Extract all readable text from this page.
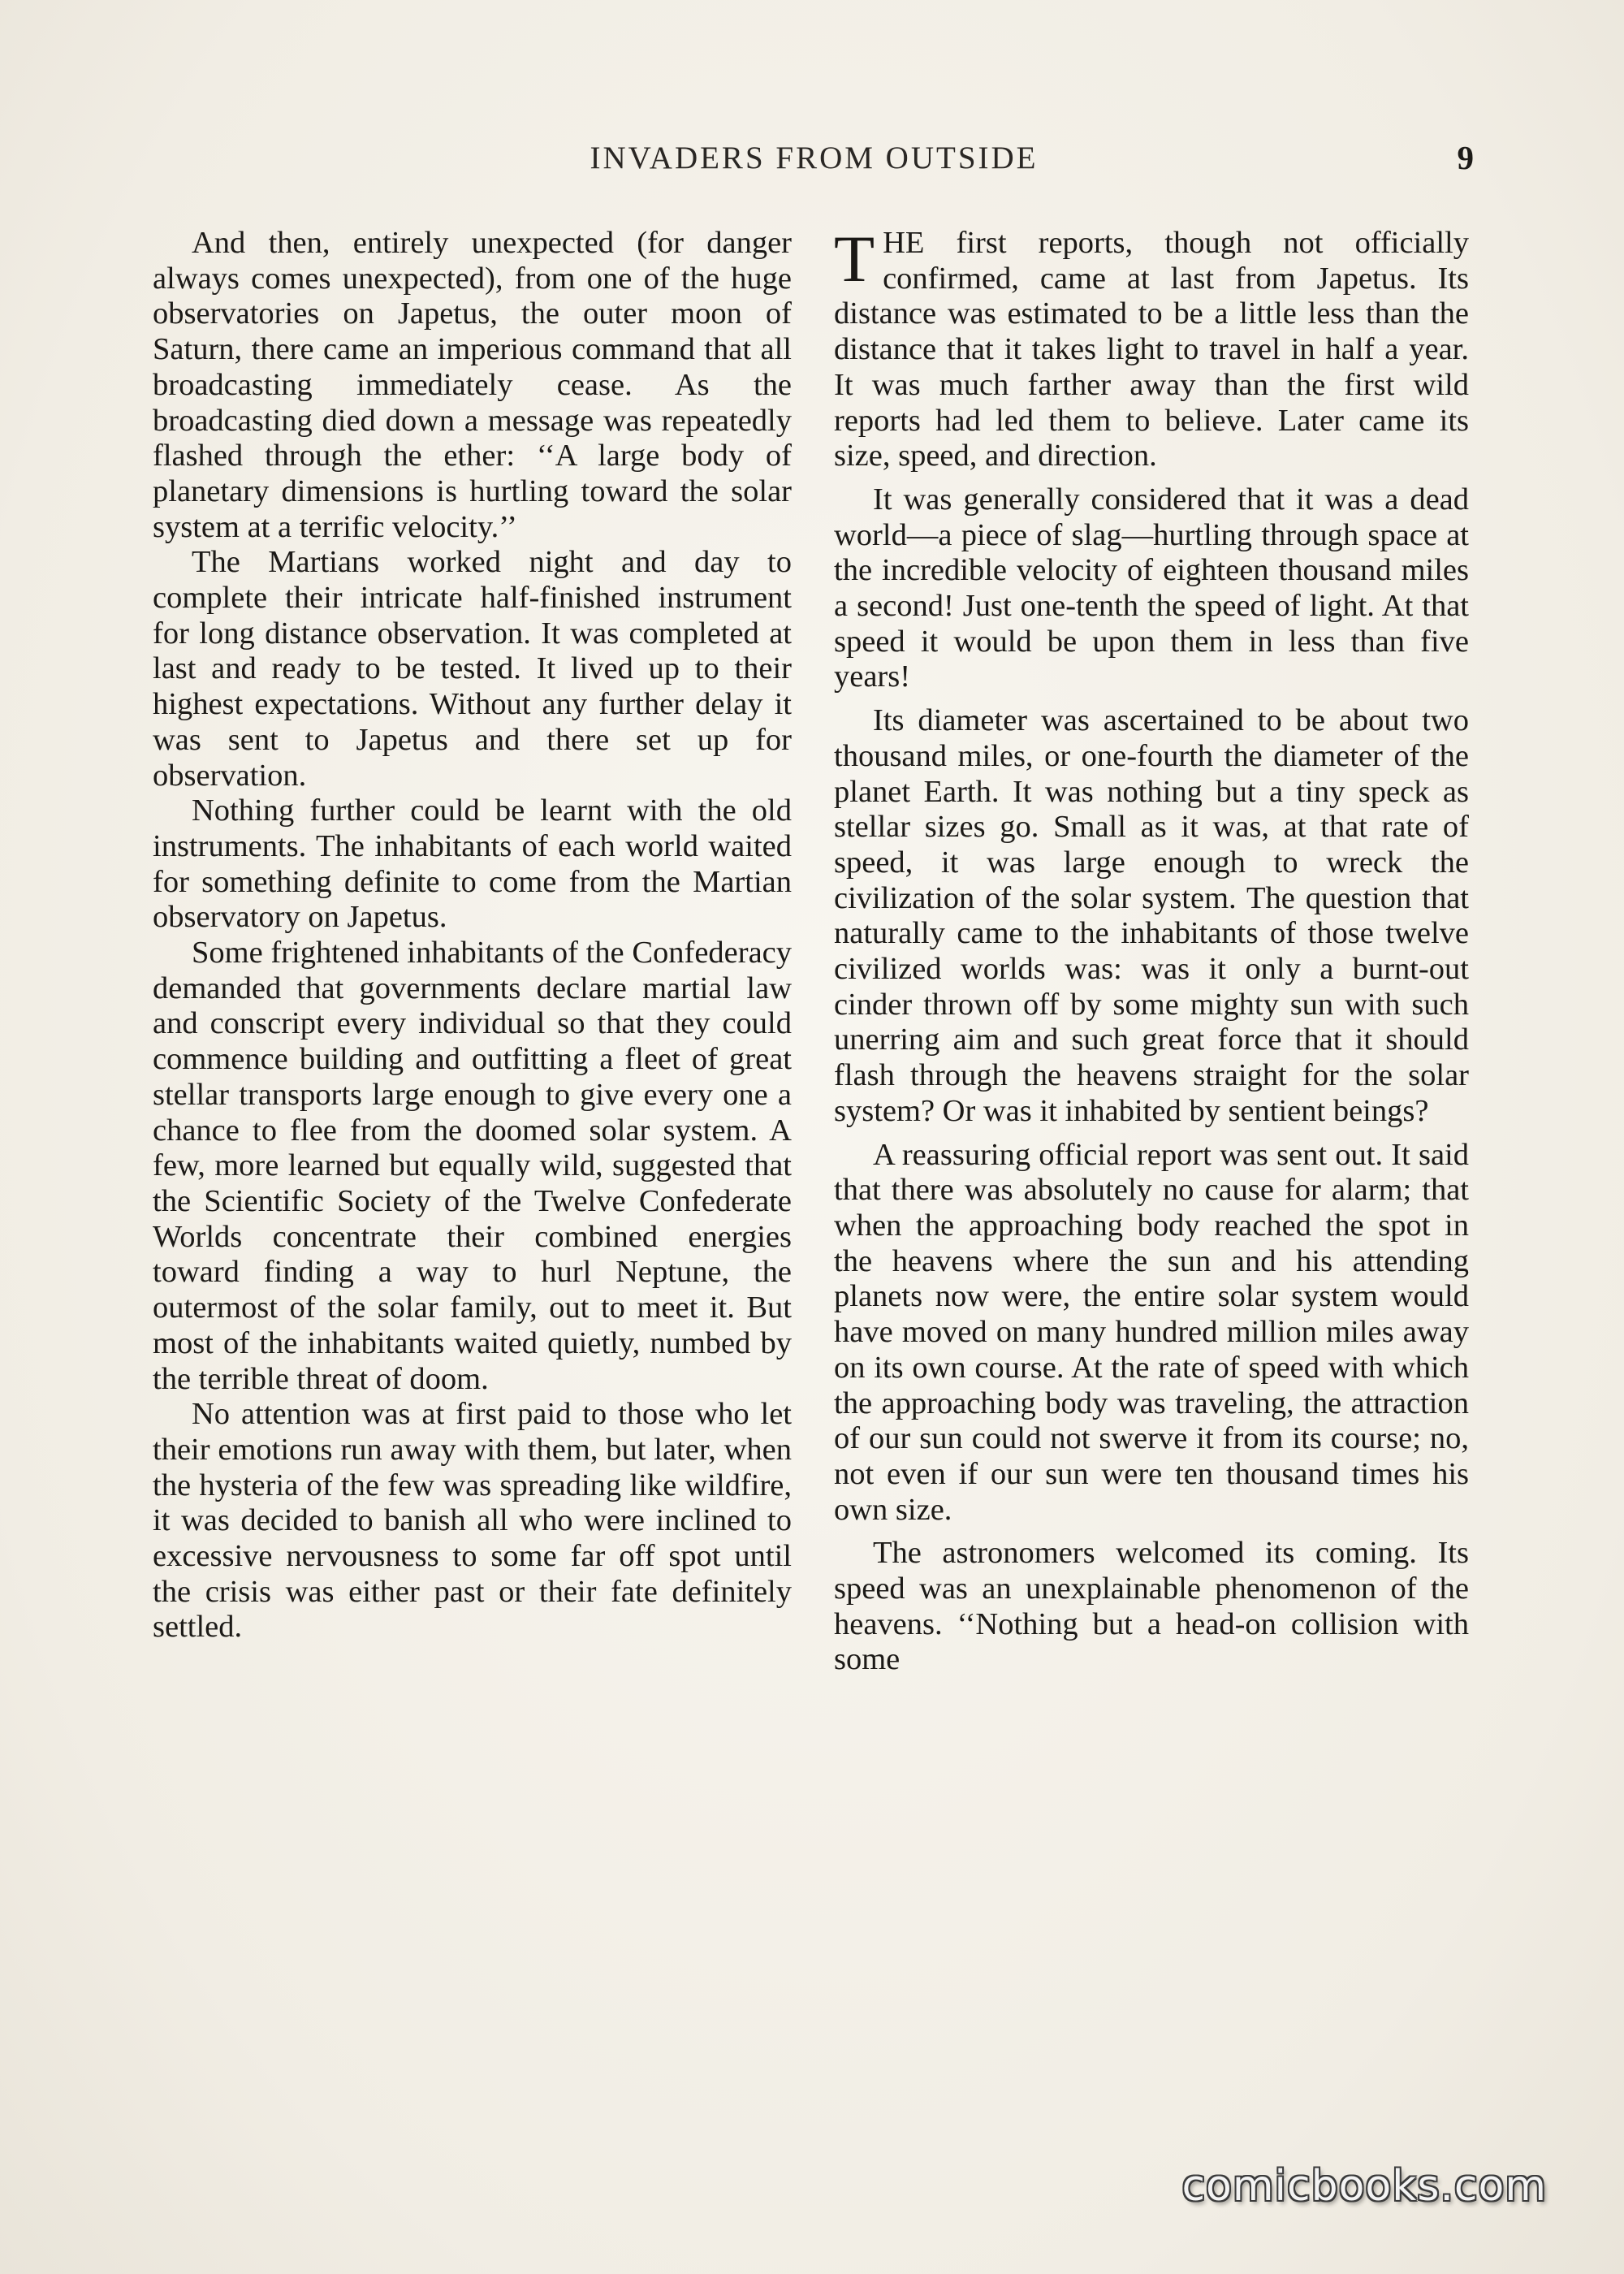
INVADERS FROM OUTSIDE	9

And then, entirely unexpected (for danger always comes unexpected), from one of the huge observatories on Japetus, the outer moon of Saturn, there came an imperious command that all broadcasting immediately cease. As the broadcasting died down a message was repeatedly flashed through the ether: ‘‘A large body of planetary dimensions is hurtling toward the solar system at a terrific velocity.’’

The Martians worked night and day to complete their intricate half-finished instrument for long distance observation. It was completed at last and ready to be tested. It lived up to their highest expectations. Without any further delay it was sent to Japetus and there set up for observation.

Nothing further could be learnt with the old instruments. The inhabitants of each world waited for something definite to come from the Martian observatory on Japetus.

Some frightened inhabitants of the Confederacy demanded that governments declare martial law and conscript every individual so that they could commence building and outfitting a fleet of great stellar transports large enough to give every one a chance to flee from the doomed solar system. A few, more learned but equally wild, suggested that the Scientific Society of the Twelve Confederate Worlds concentrate their combined energies toward finding a way to hurl Neptune, the outermost of the solar family, out to meet it. But most of the inhabitants waited quietly, numbed by the terrible threat of doom.

No attention was at first paid to those who let their emotions run away with them, but later, when the hysteria of the few was spreading like wildfire, it was decided to banish all who were inclined to excessive nervousness to some far off spot until the crisis was either past or their fate definitely settled.

THE first reports, though not officially confirmed, came at last from Japetus. Its distance was estimated to be a little less than the distance that it takes light to travel in half a year. It was much farther away than the first wild reports had led them to believe. Later came its size, speed, and direction.

It was generally considered that it was a dead world—a piece of slag—hurtling through space at the incredible velocity of eighteen thousand miles a second! Just one-tenth the speed of light. At that speed it would be upon them in less than five years!

Its diameter was ascertained to be about two thousand miles, or one-fourth the diameter of the planet Earth. It was nothing but a tiny speck as stellar sizes go. Small as it was, at that rate of speed, it was large enough to wreck the civilization of the solar system. The question that naturally came to the inhabitants of those twelve civilized worlds was: was it only a burnt-out cinder thrown off by some mighty sun with such unerring aim and such great force that it should flash through the heavens straight for the solar system? Or was it inhabited by sentient beings?

A reassuring official report was sent out. It said that there was absolutely no cause for alarm; that when the approaching body reached the spot in the heavens where the sun and his attending planets now were, the entire solar system would have moved on many hundred million miles away on its own course. At the rate of speed with which the approaching body was traveling, the attraction of our sun could not swerve it from its course; no, not even if our sun were ten thousand times his own size.

The astronomers welcomed its coming. Its speed was an unexplainable phenomenon of the heavens. ‘‘Nothing but a head-on collision with some

comicbooks.com
